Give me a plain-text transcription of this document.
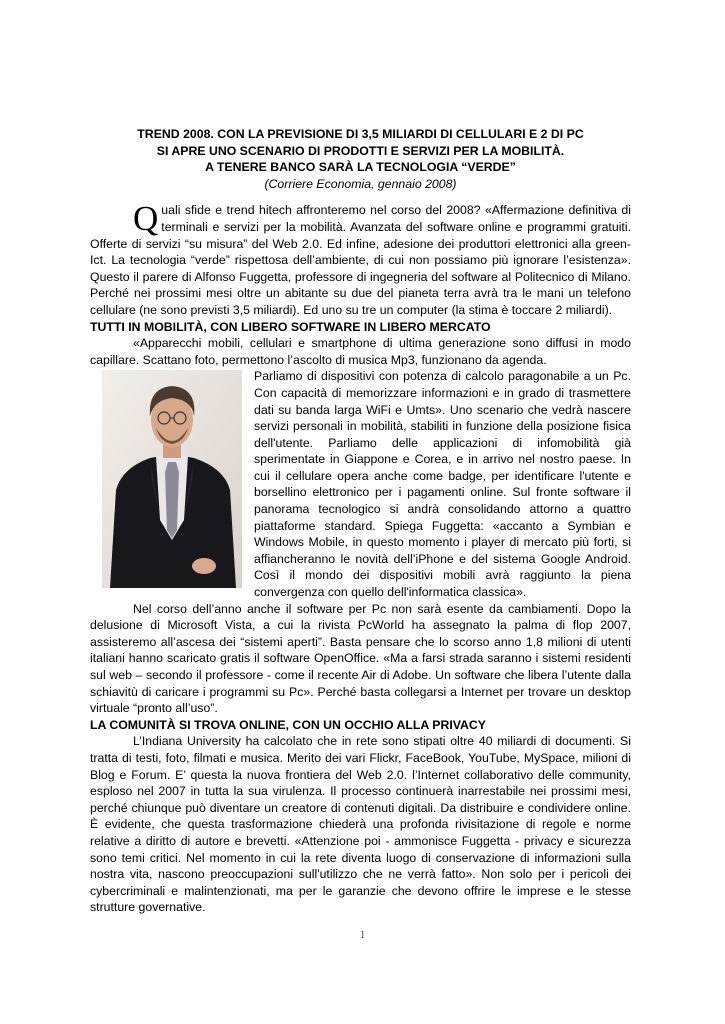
TREND 2008. CON LA PREVISIONE DI 3,5 MILIARDI DI CELLULARI E 2 DI PC
SI APRE UNO SCENARIO DI PRODOTTI E SERVIZI PER LA MOBILITÀ.
A TENERE BANCO SARÀ LA TECNOLOGIA “VERDE”
(Corriere Economia, gennaio 2008)

Quali sfide e trend hitech affronteremo nel corso del 2008? «Affermazione definitiva di terminali e servizi per la mobilità. Avanzata del software online e programmi gratuiti. Offerte di servizi “su misura” del Web 2.0. Ed infine, adesione dei produttori elettronici alla green-Ict. La tecnologia “verde” rispettosa dell’ambiente, di cui non possiamo più ignorare l’esistenza». Questo il parere di Alfonso Fuggetta, professore di ingegneria del software al Politecnico di Milano. Perché nei prossimi mesi oltre un abitante su due del pianeta terra avrà tra le mani un telefono cellulare (ne sono previsti 3,5 miliardi). Ed uno su tre un computer (la stima è toccare 2 miliardi).

TUTTI IN MOBILITÀ, CON LIBERO SOFTWARE IN LIBERO MERCATO

«Apparecchi mobili, cellulari e smartphone di ultima generazione sono diffusi in modo capillare. Scattano foto, permettono l’ascolto di musica Mp3, funzionano da agenda.

Parliamo di dispositivi con potenza di calcolo paragonabile a un Pc. Con capacità di memorizzare informazioni e in grado di trasmettere dati su banda larga WiFi e Umts». Uno scenario che vedrà nascere servizi personali in mobilità, stabiliti in funzione della posizione fisica dell'utente. Parliamo delle applicazioni di infomobilità già sperimentate in Giappone e Corea, e in arrivo nel nostro paese. In cui il cellulare opera anche come badge, per identificare l'utente e borsellino elettronico per i pagamenti online. Sul fronte software il panorama tecnologico si andrà consolidando attorno a quattro piattaforme standard. Spiega Fuggetta: «accanto a Symbian e Windows Mobile, in questo momento i player di mercato più forti, si affiancheranno le novità dell’iPhone e del sistema Google Android. Così il mondo dei dispositivi mobili avrà raggiunto la piena convergenza con quello dell'informatica classica».

Nel corso dell’anno anche il software per Pc non sarà esente da cambiamenti. Dopo la delusione di Microsoft Vista, a cui la rivista PcWorld ha assegnato la palma di flop 2007, assisteremo all’ascesa dei “sistemi aperti”. Basta pensare che lo scorso anno 1,8 milioni di utenti italiani hanno scaricato gratis il software OpenOffice. «Ma a farsi strada saranno i sistemi residenti sul web – secondo il professore - come il recente Air di Adobe. Un software che libera l’utente dalla schiavitù di caricare i programmi su Pc». Perché basta collegarsi a Internet per trovare un desktop virtuale “pronto all’uso”.

LA COMUNITÀ SI TROVA ONLINE, CON UN OCCHIO ALLA PRIVACY

L’Indiana University ha calcolato che in rete sono stipati oltre 40 miliardi di documenti. Si tratta di testi, foto, filmati e musica. Merito dei vari Flickr, FaceBook, YouTube, MySpace, milioni di Blog e Forum. E’ questa la nuova frontiera del Web 2.0. l’Internet collaborativo delle community, esploso nel 2007 in tutta la sua virulenza. Il processo continuerà inarrestabile nei prossimi mesi, perché chiunque può diventare un creatore di contenuti digitali. Da distribuire e condividere online. È evidente, che questa trasformazione chiederà una profonda rivisitazione di regole e norme relative a diritto di autore e brevetti. «Attenzione poi - ammonisce Fuggetta - privacy e sicurezza sono temi critici. Nel momento in cui la rete diventa luogo di conservazione di informazioni sulla nostra vita, nascono preoccupazioni sull'utilizzo che ne verrà fatto». Non solo per i pericoli dei cybercriminali e malintenzionati, ma per le garanzie che devono offrire le imprese e le stesse strutture governative.

1
